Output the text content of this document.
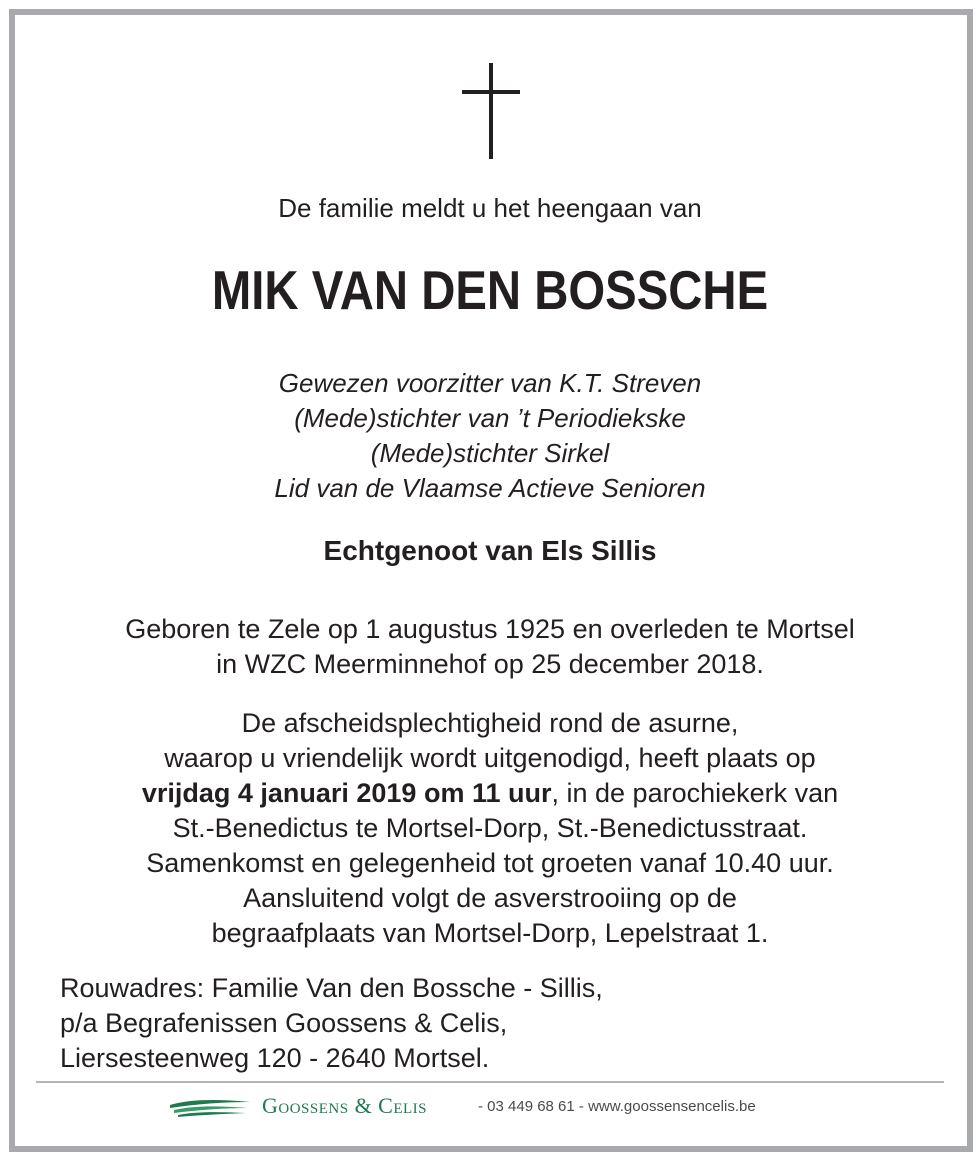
De familie meldt u het heengaan van
MIK VAN DEN BOSSCHE
Gewezen voorzitter van K.T. Streven
(Mede)stichter van ’t Periodiekske
(Mede)stichter Sirkel
Lid van de Vlaamse Actieve Senioren
Echtgenoot van Els Sillis
Geboren te Zele op 1 augustus 1925 en overleden te Mortsel
in WZC Meerminnehof op 25 december 2018.
De afscheidsplechtigheid rond de asurne,
waarop u vriendelijk wordt uitgenodigd, heeft plaats op
vrijdag 4 januari 2019 om 11 uur, in de parochiekerk van
St.-Benedictus te Mortsel-Dorp, St.-Benedictusstraat.
Samenkomst en gelegenheid tot groeten vanaf 10.40 uur.
Aansluitend volgt de asverstrooiing op de
begraafplaats van Mortsel-Dorp, Lepelstraat 1.
Rouwadres: Familie Van den Bossche - Sillis,
p/a Begrafenissen Goossens & Celis,
Liersesteenweg 120 - 2640 Mortsel.
Goossens & Celis	- 03 449 68 61 - www.goossensencelis.be
